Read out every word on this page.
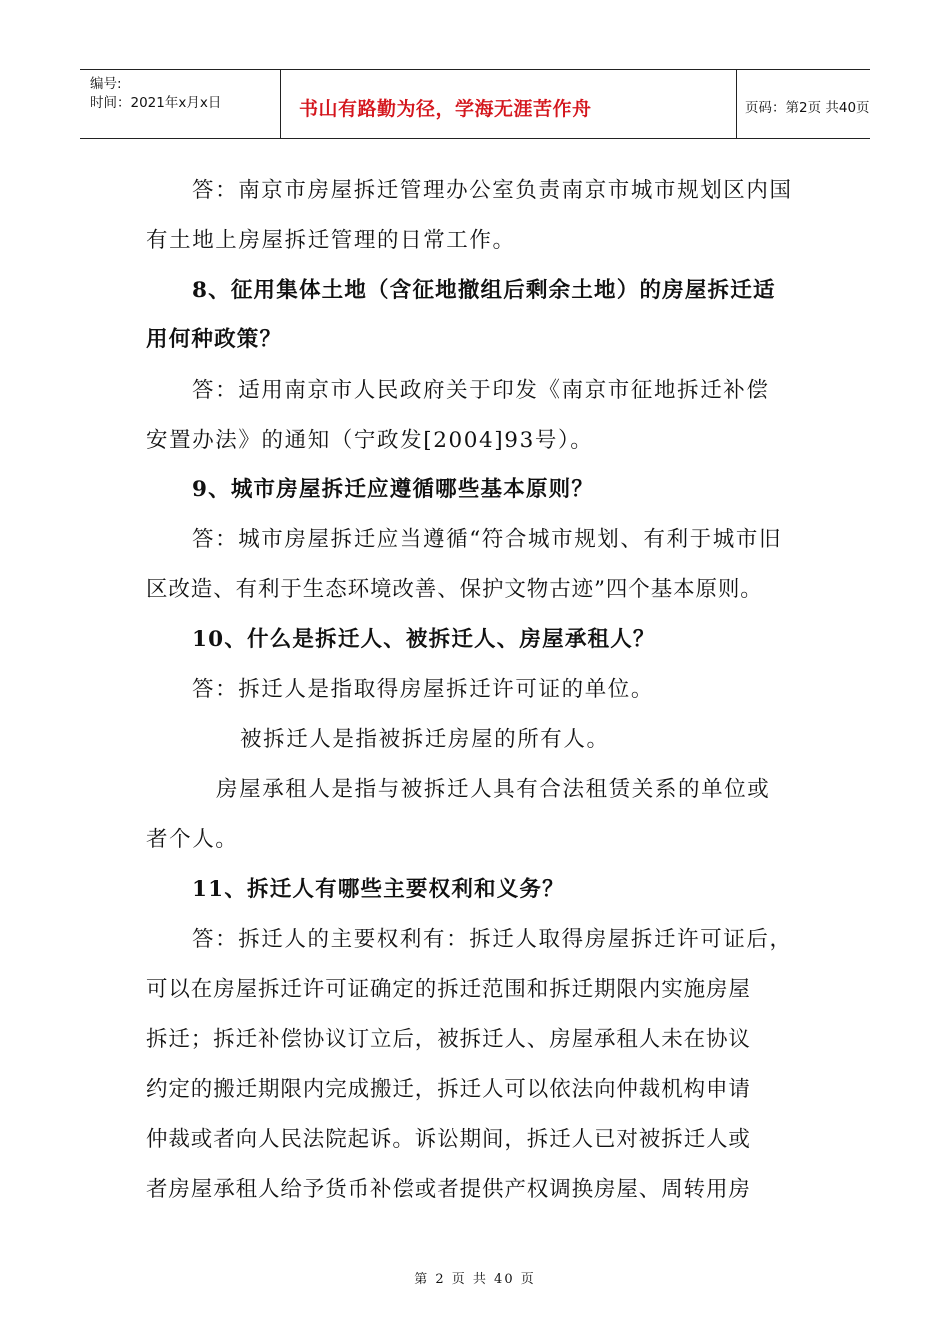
编号:
时间：2021年x月x日	书山有路勤为径，学海无涯苦作舟	页码：第2页 共40页
答：南京市房屋拆迁管理办公室负责南京市城市规划区内国
有土地上房屋拆迁管理的日常工作。
8、征用集体土地（含征地撤组后剩余土地）的房屋拆迁适
用何种政策？
答：适用南京市人民政府关于印发《南京市征地拆迁补偿
安置办法》的通知（宁政发[2004]93号）。
9、城市房屋拆迁应遵循哪些基本原则？
答：城市房屋拆迁应当遵循“符合城市规划、有利于城市旧
区改造、有利于生态环境改善、保护文物古迹”四个基本原则。
10、什么是拆迁人、被拆迁人、房屋承租人？
答：拆迁人是指取得房屋拆迁许可证的单位。
被拆迁人是指被拆迁房屋的所有人。
房屋承租人是指与被拆迁人具有合法租赁关系的单位或
者个人。
11、拆迁人有哪些主要权利和义务？
答：拆迁人的主要权利有：拆迁人取得房屋拆迁许可证后，
可以在房屋拆迁许可证确定的拆迁范围和拆迁期限内实施房屋
拆迁；拆迁补偿协议订立后，被拆迁人、房屋承租人未在协议
约定的搬迁期限内完成搬迁，拆迁人可以依法向仲裁机构申请
仲裁或者向人民法院起诉。诉讼期间，拆迁人已对被拆迁人或
者房屋承租人给予货币补偿或者提供产权调换房屋、周转用房
第 2 页 共 40 页
